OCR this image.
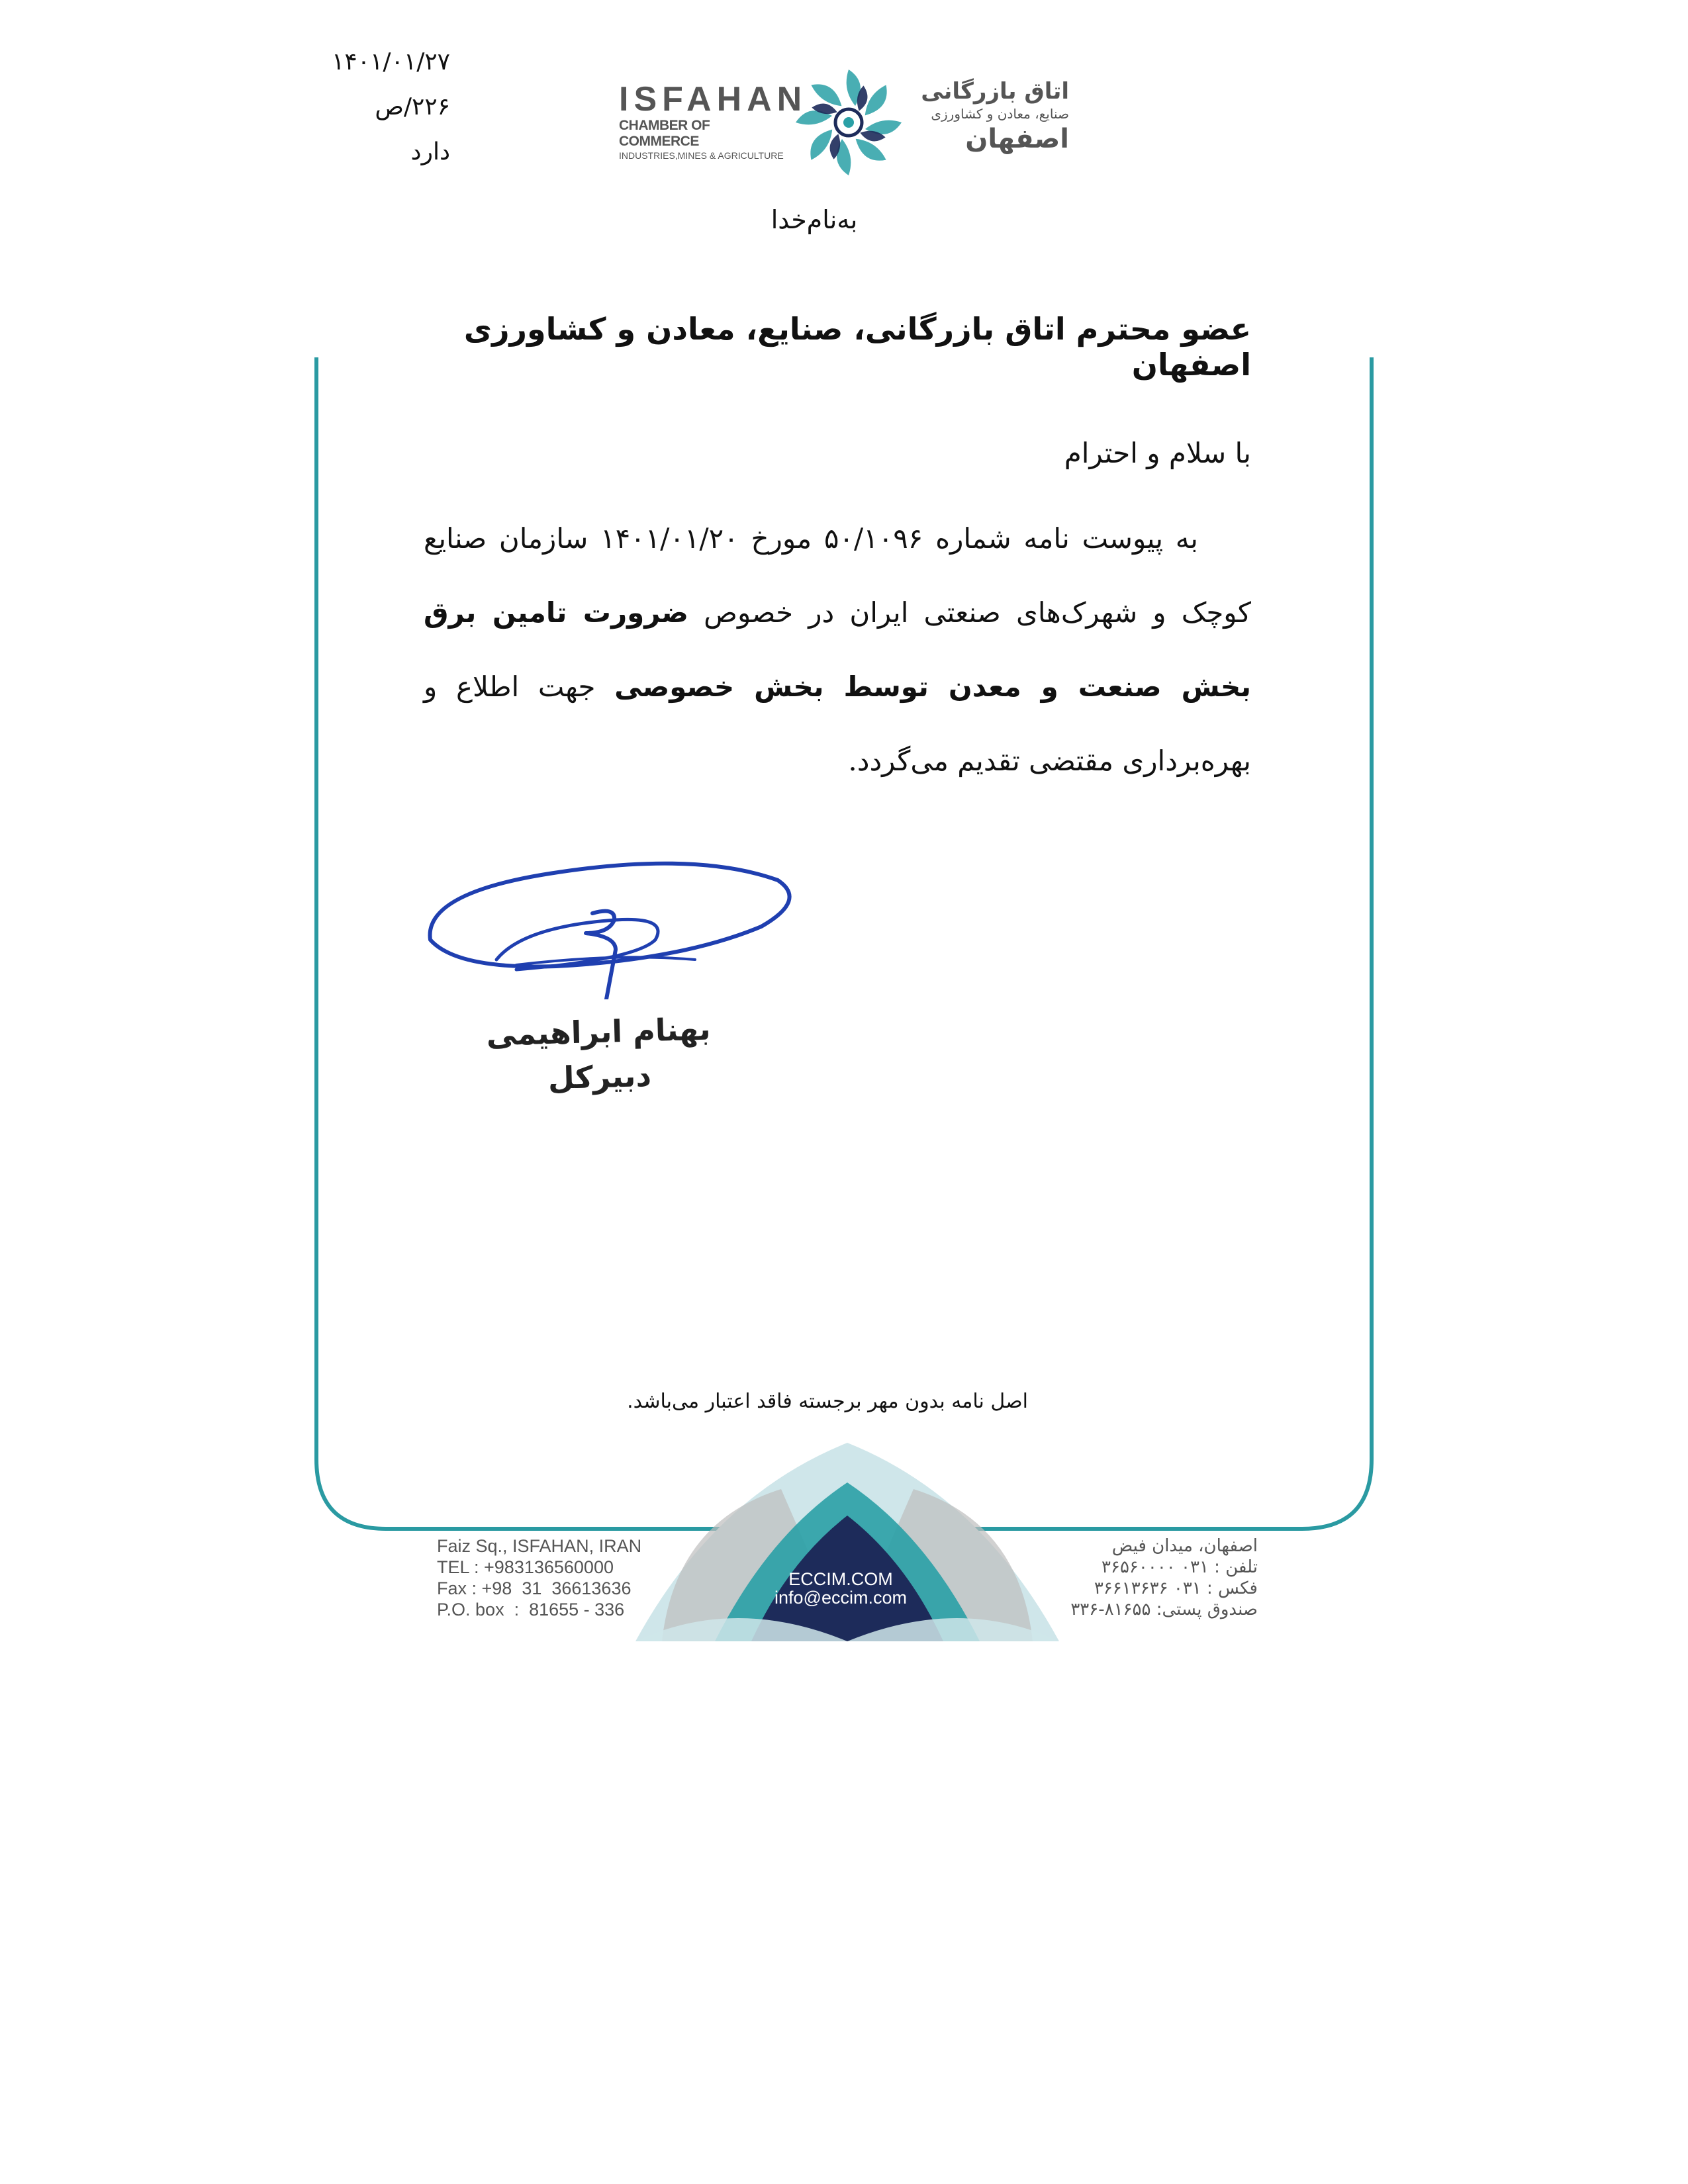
۱۴۰۱/۰۱/۲۷
۲۲۶/ص
دارد
ISFAHAN
CHAMBER OF COMMERCE
INDUSTRIES,MINES & AGRICULTURE
اتاق بازرگانی
صنایع، معادن و کشاورزی
اصفهان
به‌نام‌خدا
عضو محترم اتاق بازرگانی، صنایع، معادن و کشاورزی اصفهان
با سلام و احترام
به پیوست نامه شماره ۵۰/۱۰۹۶ مورخ ۱۴۰۱/۰۱/۲۰ سازمان صنایع کوچک و شهرک‌های صنعتی ایران در خصوص ضرورت تامین برق بخش صنعت و معدن توسط بخش خصوصی جهت اطلاع و بهره‌برداری مقتضی تقدیم می‌گردد.
بهنام ابراهیمی
دبیرکل
اصل نامه بدون مهر برجسته فاقد اعتبار می‌باشد.
ECCIM.COM
info@eccim.com
Faiz Sq., ISFAHAN, IRAN
TEL : +983136560000
Fax : +98  31  36613636
P.O. box  :  81655 - 336
اصفهان، میدان فیض
تلفن : ۰۳۱ ۳۶۵۶۰۰۰۰
فکس : ۰۳۱ ۳۶۶۱۳۶۳۶
صندوق پستی: ۸۱۶۵۵-۳۳۶
